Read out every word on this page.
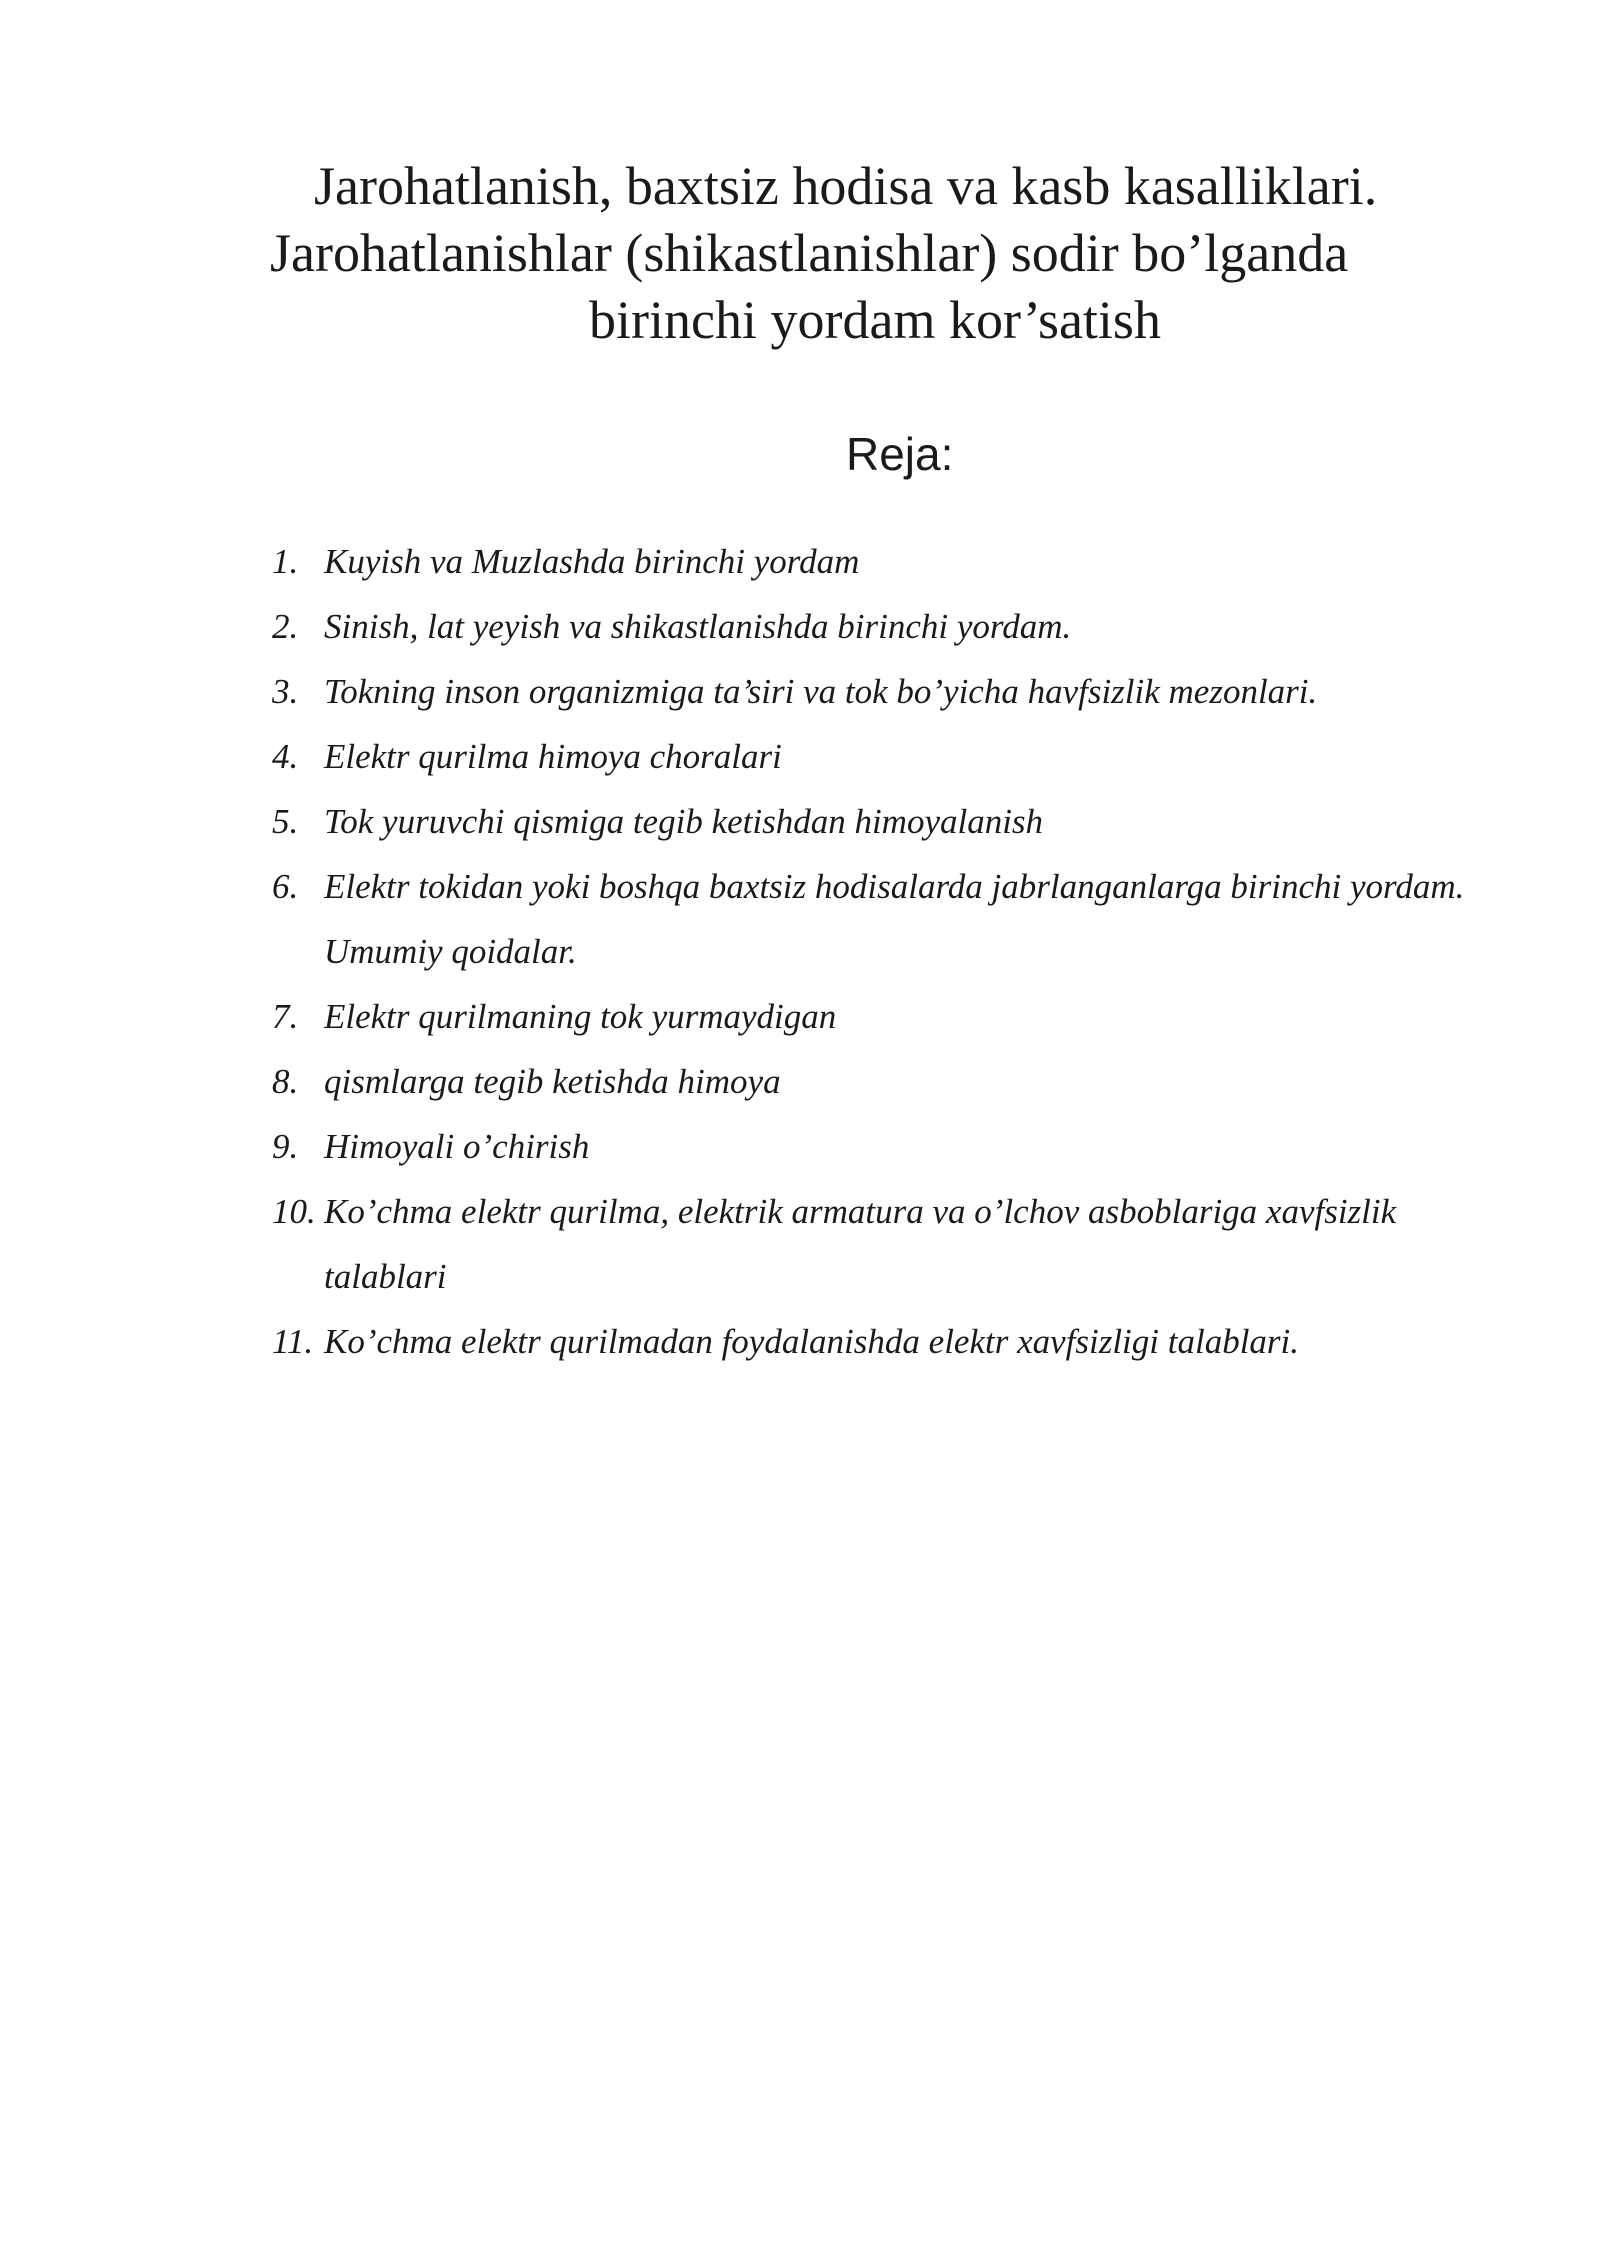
Jarohatlanish, baxtsiz hodisa va kasb kasalliklari.
Jarohatlanishlar (shikastlanishlar) sodir bo’lganda
birinchi yordam kor’satish
Reja:
1. Kuyish va Muzlashda birinchi yordam
2. Sinish, lat yeyish va shikastlanishda birinchi yordam.
3. Tokning inson organizmiga ta’siri va tok bo’yicha havfsizlik mezonlari.
4. Elektr qurilma himoya choralari
5. Tok yuruvchi qismiga tegib ketishdan himoyalanish
6. Elektr tokidan yoki boshqa baxtsiz hodisalarda jabrlanganlarga birinchi yordam. Umumiy qoidalar.
7. Elektr qurilmaning tok yurmaydigan
8. qismlarga tegib ketishda himoya
9. Himoyali o’chirish
10. Ko’chma elektr qurilma, elektrik armatura va o’lchov asboblariga xavfsizlik talablari
11. Ko’chma elektr qurilmadan foydalanishda elektr xavfsizligi talablari.
